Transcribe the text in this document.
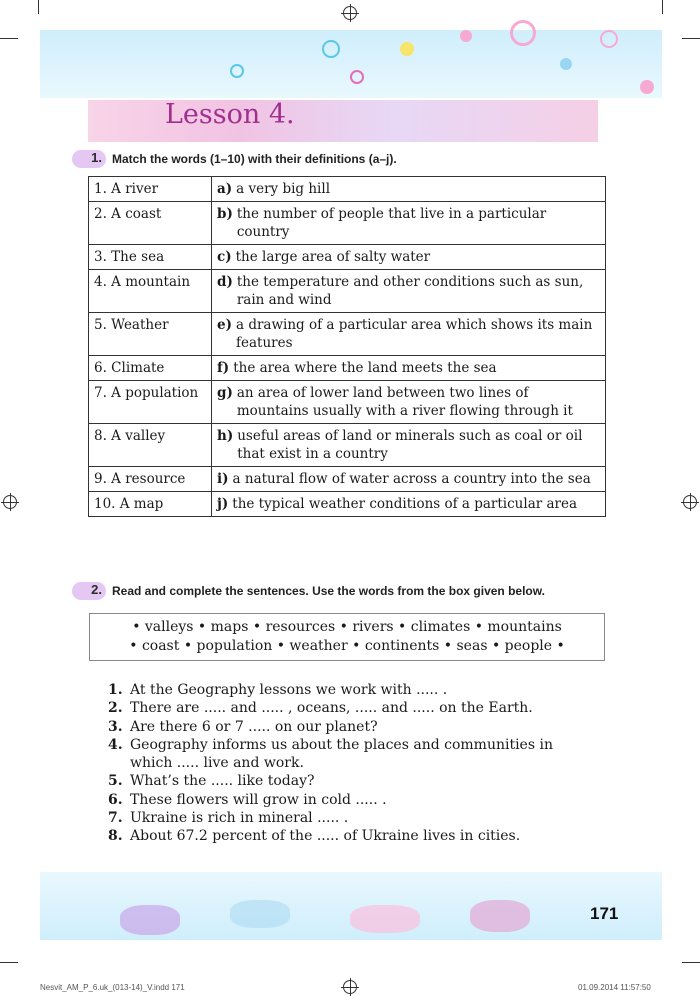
Lesson 4.
1. Match the words (1–10) with their definitions (a–j).
1. A river	a) a very big hill

2. A coast	b) the number of people that live in a particular country

3. The sea	c) the large area of salty water

4. A mountain	d) the temperature and other conditions such as sun, rain and wind

5. Weather	e) a drawing of a particular area which shows its main features

6. Climate	f) the area where the land meets the sea

7. A population	g) an area of lower land between two lines of mountains usually with a river flowing through it

8. A valley	h) useful areas of land or minerals such as coal or oil that exist in a country

9. A resource	i) a natural flow of water across a country into the sea

10. A map	j) the typical weather conditions of a particular area
2. Read and complete the sentences. Use the words from the box given below.
• valleys • maps • resources • rivers • climates • mountains
• coast • population • weather • continents • seas • people •
1. At the Geography lessons we work with ..... .
2. There are ..... and ..... , oceans, ..... and ..... on the Earth.
3. Are there 6 or 7 ..... on our planet?
4. Geography informs us about the places and communities in which ..... live and work.
5. What’s the ..... like today?
6. These flowers will grow in cold ..... .
7. Ukraine is rich in mineral ..... .
8. About 67.2 percent of the ..... of Ukraine lives in cities.
171
Nesvit_AM_P_6.uk_(013-14)_V.indd 171	01.09.2014 11:57:50
